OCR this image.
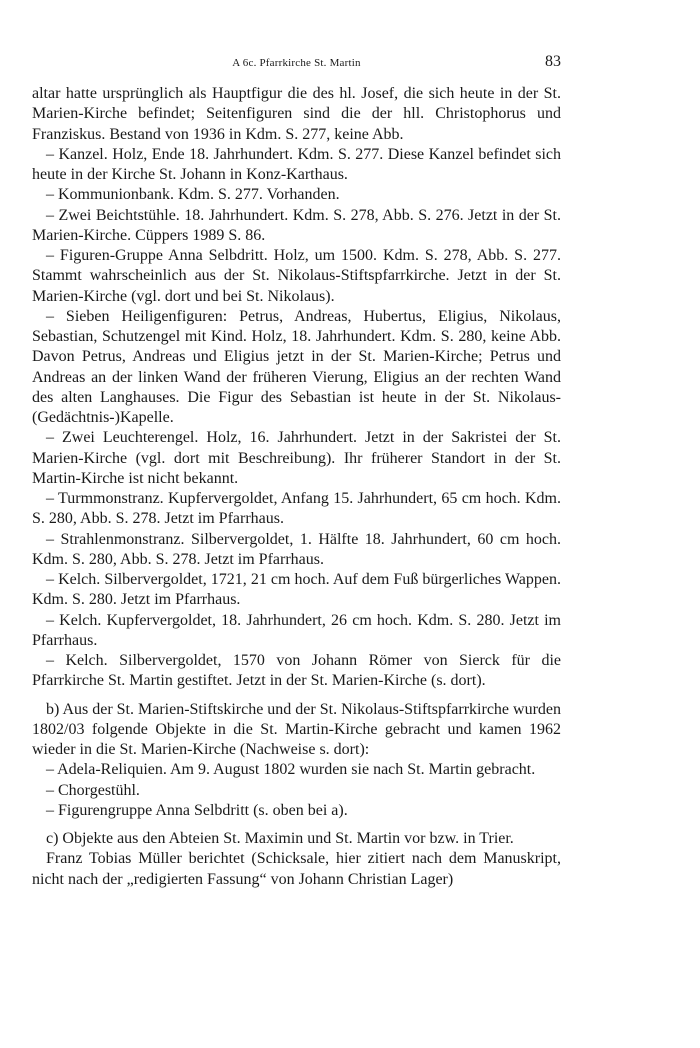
A 6c. Pfarrkirche St. Martin	83

altar hatte ursprünglich als Hauptfigur die des hl. Josef, die sich heute in der St. Marien-Kirche befindet; Seitenfiguren sind die der hll. Christophorus und Franziskus. Bestand von 1936 in Kdm. S. 277, keine Abb.

– Kanzel. Holz, Ende 18. Jahrhundert. Kdm. S. 277. Diese Kanzel befindet sich heute in der Kirche St. Johann in Konz-Karthaus.

– Kommunionbank. Kdm. S. 277. Vorhanden.

– Zwei Beichtstühle. 18. Jahrhundert. Kdm. S. 278, Abb. S. 276. Jetzt in der St. Marien-Kirche. Cüppers 1989 S. 86.

– Figuren-Gruppe Anna Selbdritt. Holz, um 1500. Kdm. S. 278, Abb. S. 277. Stammt wahrscheinlich aus der St. Nikolaus-Stiftspfarrkirche. Jetzt in der St. Marien-Kirche (vgl. dort und bei St. Nikolaus).

– Sieben Heiligenfiguren: Petrus, Andreas, Hubertus, Eligius, Nikolaus, Sebastian, Schutzengel mit Kind. Holz, 18. Jahrhundert. Kdm. S. 280, keine Abb. Davon Petrus, Andreas und Eligius jetzt in der St. Marien-Kirche; Petrus und Andreas an der linken Wand der früheren Vierung, Eligius an der rechten Wand des alten Langhauses. Die Figur des Sebastian ist heute in der St. Nikolaus-(Gedächtnis-)Kapelle.

– Zwei Leuchterengel. Holz, 16. Jahrhundert. Jetzt in der Sakristei der St. Marien-Kirche (vgl. dort mit Beschreibung). Ihr früherer Standort in der St. Martin-Kirche ist nicht bekannt.

– Turmmonstranz. Kupfervergoldet, Anfang 15. Jahrhundert, 65 cm hoch. Kdm. S. 280, Abb. S. 278. Jetzt im Pfarrhaus.

– Strahlenmonstranz. Silbervergoldet, 1. Hälfte 18. Jahrhundert, 60 cm hoch. Kdm. S. 280, Abb. S. 278. Jetzt im Pfarrhaus.

– Kelch. Silbervergoldet, 1721, 21 cm hoch. Auf dem Fuß bürgerliches Wappen. Kdm. S. 280. Jetzt im Pfarrhaus.

– Kelch. Kupfervergoldet, 18. Jahrhundert, 26 cm hoch. Kdm. S. 280. Jetzt im Pfarrhaus.

– Kelch. Silbervergoldet, 1570 von Johann Römer von Sierck für die Pfarrkirche St. Martin gestiftet. Jetzt in der St. Marien-Kirche (s. dort).

b) Aus der St. Marien-Stiftskirche und der St. Nikolaus-Stiftspfarrkirche wurden 1802/03 folgende Objekte in die St. Martin-Kirche gebracht und kamen 1962 wieder in die St. Marien-Kirche (Nachweise s. dort):

– Adela-Reliquien. Am 9. August 1802 wurden sie nach St. Martin gebracht.

– Chorgestühl.

– Figurengruppe Anna Selbdritt (s. oben bei a).

c) Objekte aus den Abteien St. Maximin und St. Martin vor bzw. in Trier.

Franz Tobias Müller berichtet (Schicksale, hier zitiert nach dem Manuskript, nicht nach der „redigierten Fassung“ von Johann Christian Lager)
